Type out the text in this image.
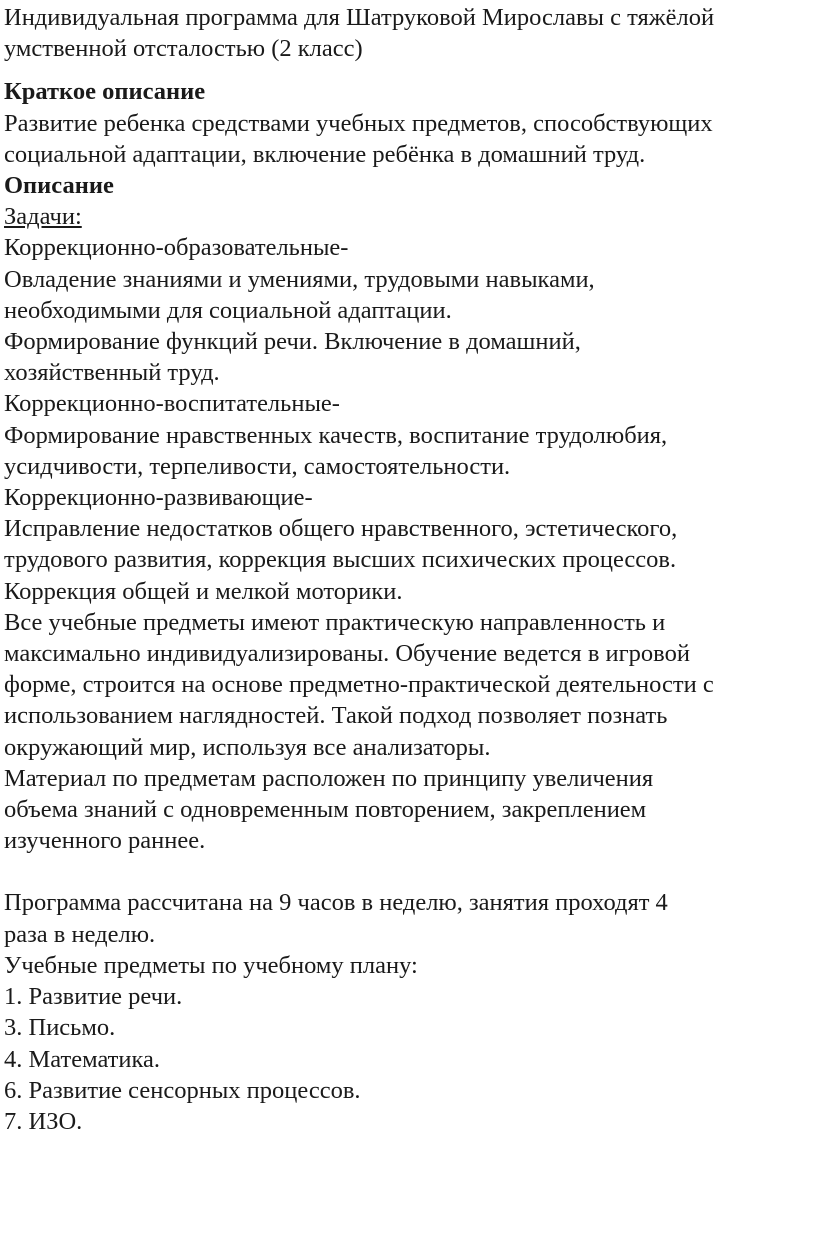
Индивидуальная программа для Шатруковой Мирославы с тяжёлой

умственной отсталостью (2 класс)

Краткое описание

Развитие ребенка средствами учебных предметов, способствующих

социальной адаптации, включение ребёнка в домашний труд.

Описание

Задачи:

Коррекционно-образовательные-

Овладение знаниями и умениями, трудовыми навыками,

необходимыми для социальной адаптации.

Формирование функций речи. Включение в домашний,

хозяйственный труд.

Коррекционно-воспитательные-

Формирование нравственных качеств, воспитание трудолюбия,

усидчивости, терпеливости, самостоятельности.

Коррекционно-развивающие-

Исправление недостатков общего нравственного, эстетического,

трудового развития, коррекция высших психических процессов.

Коррекция общей и мелкой моторики.

Все учебные предметы имеют практическую направленность и

максимально индивидуализированы. Обучение ведется в игровой

форме, строится на основе предметно-практической деятельности с

использованием наглядностей. Такой подход позволяет познать

окружающий мир, используя все анализаторы.

Материал по предметам расположен по принципу увеличения

объема знаний с одновременным повторением, закреплением

изученного раннее.

Программа рассчитана на 9 часов в неделю, занятия проходят 4

раза в неделю.

Учебные предметы по учебному плану:

1. Развитие речи.
3. Письмо.
4. Математика.
6. Развитие сенсорных процессов.
7. ИЗО.
